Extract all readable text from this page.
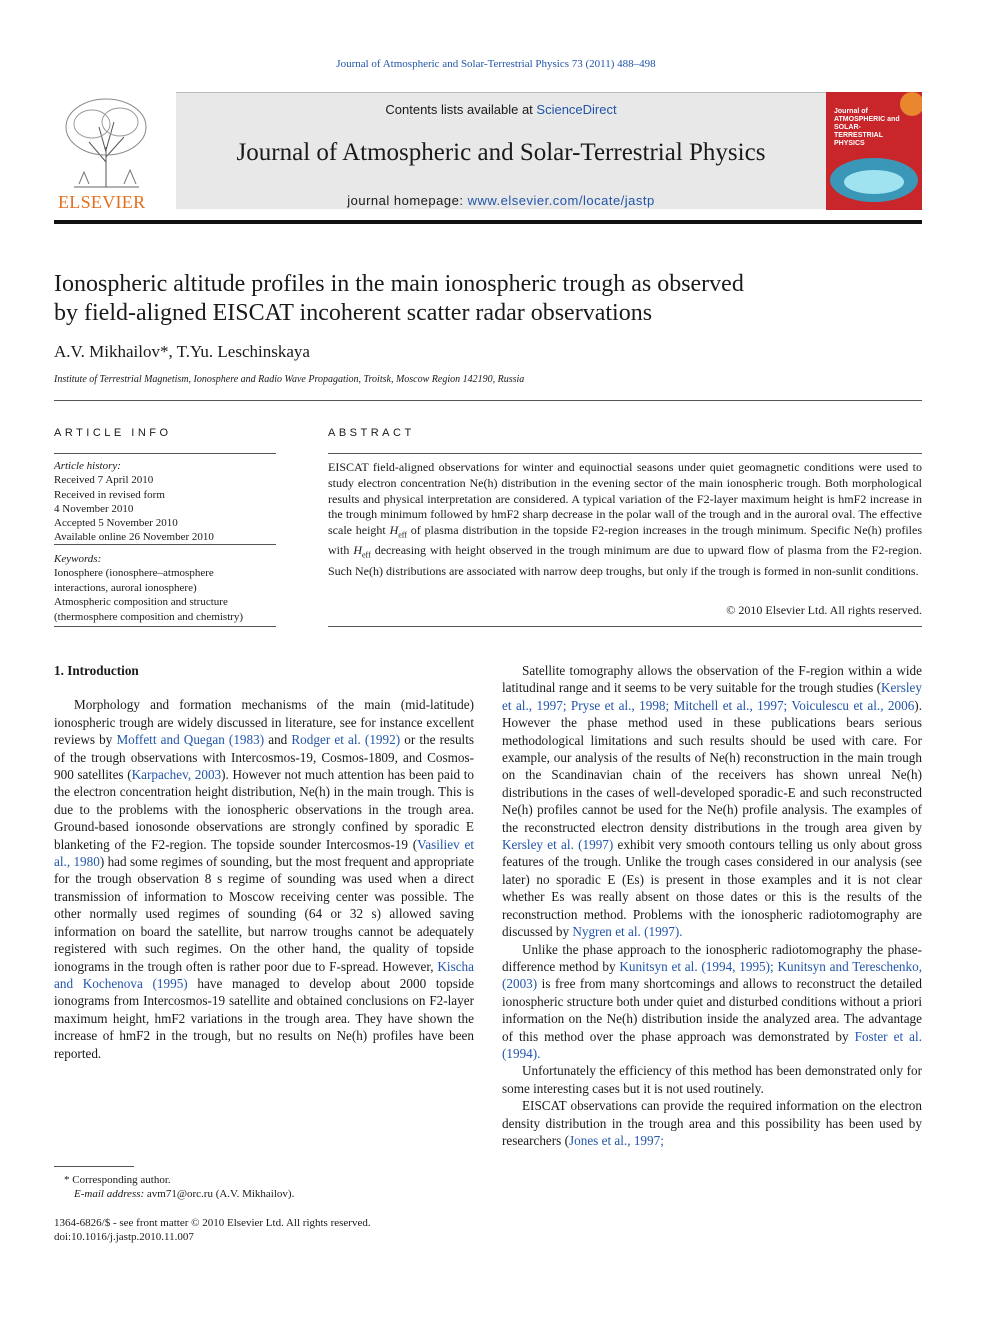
Journal of Atmospheric and Solar-Terrestrial Physics 73 (2011) 488–498
ELSEVIER
Contents lists available at ScienceDirect
Journal of Atmospheric and Solar-Terrestrial Physics
journal homepage: www.elsevier.com/locate/jastp
Journal of ATMOSPHERIC and SOLAR-TERRESTRIAL PHYSICS
Ionospheric altitude profiles in the main ionospheric trough as observed
by field-aligned EISCAT incoherent scatter radar observations
A.V. Mikhailov*, T.Yu. Leschinskaya
Institute of Terrestrial Magnetism, Ionosphere and Radio Wave Propagation, Troitsk, Moscow Region 142190, Russia
ARTICLE INFO
Article history:
Received 7 April 2010
Received in revised form
4 November 2010
Accepted 5 November 2010
Available online 26 November 2010
Keywords:
Ionosphere (ionosphere–atmosphere
interactions, auroral ionosphere)
Atmospheric composition and structure
(thermosphere composition and chemistry)
ABSTRACT
EISCAT field-aligned observations for winter and equinoctial seasons under quiet geomagnetic conditions were used to study electron concentration Ne(h) distribution in the evening sector of the main ionospheric trough. Both morphological results and physical interpretation are considered. A typical variation of the F2-layer maximum height is hmF2 increase in the trough minimum followed by hmF2 sharp decrease in the polar wall of the trough and in the auroral oval. The effective scale height $H_{eff}$ of plasma distribution in the topside F2-region increases in the trough minimum. Specific Ne(h) profiles with $H_{eff}$ decreasing with height observed in the trough minimum are due to upward flow of plasma from the F2-region. Such Ne(h) distributions are associated with narrow deep troughs, but only if the trough is formed in non-sunlit conditions.
© 2010 Elsevier Ltd. All rights reserved.

1. Introduction

Morphology and formation mechanisms of the main (mid-latitude) ionospheric trough are widely discussed in literature, see for instance excellent reviews by Moffett and Quegan (1983) and Rodger et al. (1992) or the results of the trough observations with Intercosmos-19, Cosmos-1809, and Cosmos-900 satellites (Karpachev, 2003). However not much attention has been paid to the electron concentration height distribution, Ne(h) in the main trough. This is due to the problems with the ionospheric observations in the trough area. Ground-based ionosonde observations are strongly confined by sporadic E blanketing of the F2-region. The topside sounder Intercosmos-19 (Vasiliev et al., 1980) had some regimes of sounding, but the most frequent and appropriate for the trough observation 8 s regime of sounding was used when a direct transmission of information to Moscow receiving center was possible. The other normally used regimes of sounding (64 or 32 s) allowed saving information on board the satellite, but narrow troughs cannot be adequately registered with such regimes. On the other hand, the quality of topside ionograms in the trough often is rather poor due to F-spread. However, Kischa and Kochenova (1995) have managed to develop about 2000 topside ionograms from Intercosmos-19 satellite and obtained conclusions on F2-layer maximum height, hmF2 variations in the trough area. They have shown the increase of hmF2 in the trough, but no results on Ne(h) profiles have been reported.

Satellite tomography allows the observation of the F-region within a wide latitudinal range and it seems to be very suitable for the trough studies (Kersley et al., 1997; Pryse et al., 1998; Mitchell et al., 1997; Voiculescu et al., 2006). However the phase method used in these publications bears serious methodological limitations and such results should be used with care. For example, our analysis of the results of Ne(h) reconstruction in the main trough on the Scandinavian chain of the receivers has shown unreal Ne(h) distributions in the cases of well-developed sporadic-E and such reconstructed Ne(h) profiles cannot be used for the Ne(h) profile analysis. The examples of the reconstructed electron density distributions in the trough area given by Kersley et al. (1997) exhibit very smooth contours telling us only about gross features of the trough. Unlike the trough cases considered in our analysis (see later) no sporadic E (Es) is present in those examples and it is not clear whether Es was really absent on those dates or this is the results of the reconstruction method. Problems with the ionospheric radiotomography are discussed by Nygren et al. (1997).

Unlike the phase approach to the ionospheric radiotomography the phase-difference method by Kunitsyn et al. (1994, 1995); Kunitsyn and Tereschenko, (2003) is free from many shortcomings and allows to reconstruct the detailed ionospheric structure both under quiet and disturbed conditions without a priori information on the Ne(h) distribution inside the analyzed area. The advantage of this method over the phase approach was demonstrated by Foster et al. (1994).

Unfortunately the efficiency of this method has been demonstrated only for some interesting cases but it is not used routinely.

EISCAT observations can provide the required information on the electron density distribution in the trough area and this possibility has been used by researchers (Jones et al., 1997;

* Corresponding author.
E-mail address: avm71@orc.ru (A.V. Mikhailov).
1364-6826/$ - see front matter © 2010 Elsevier Ltd. All rights reserved.
doi:10.1016/j.jastp.2010.11.007
